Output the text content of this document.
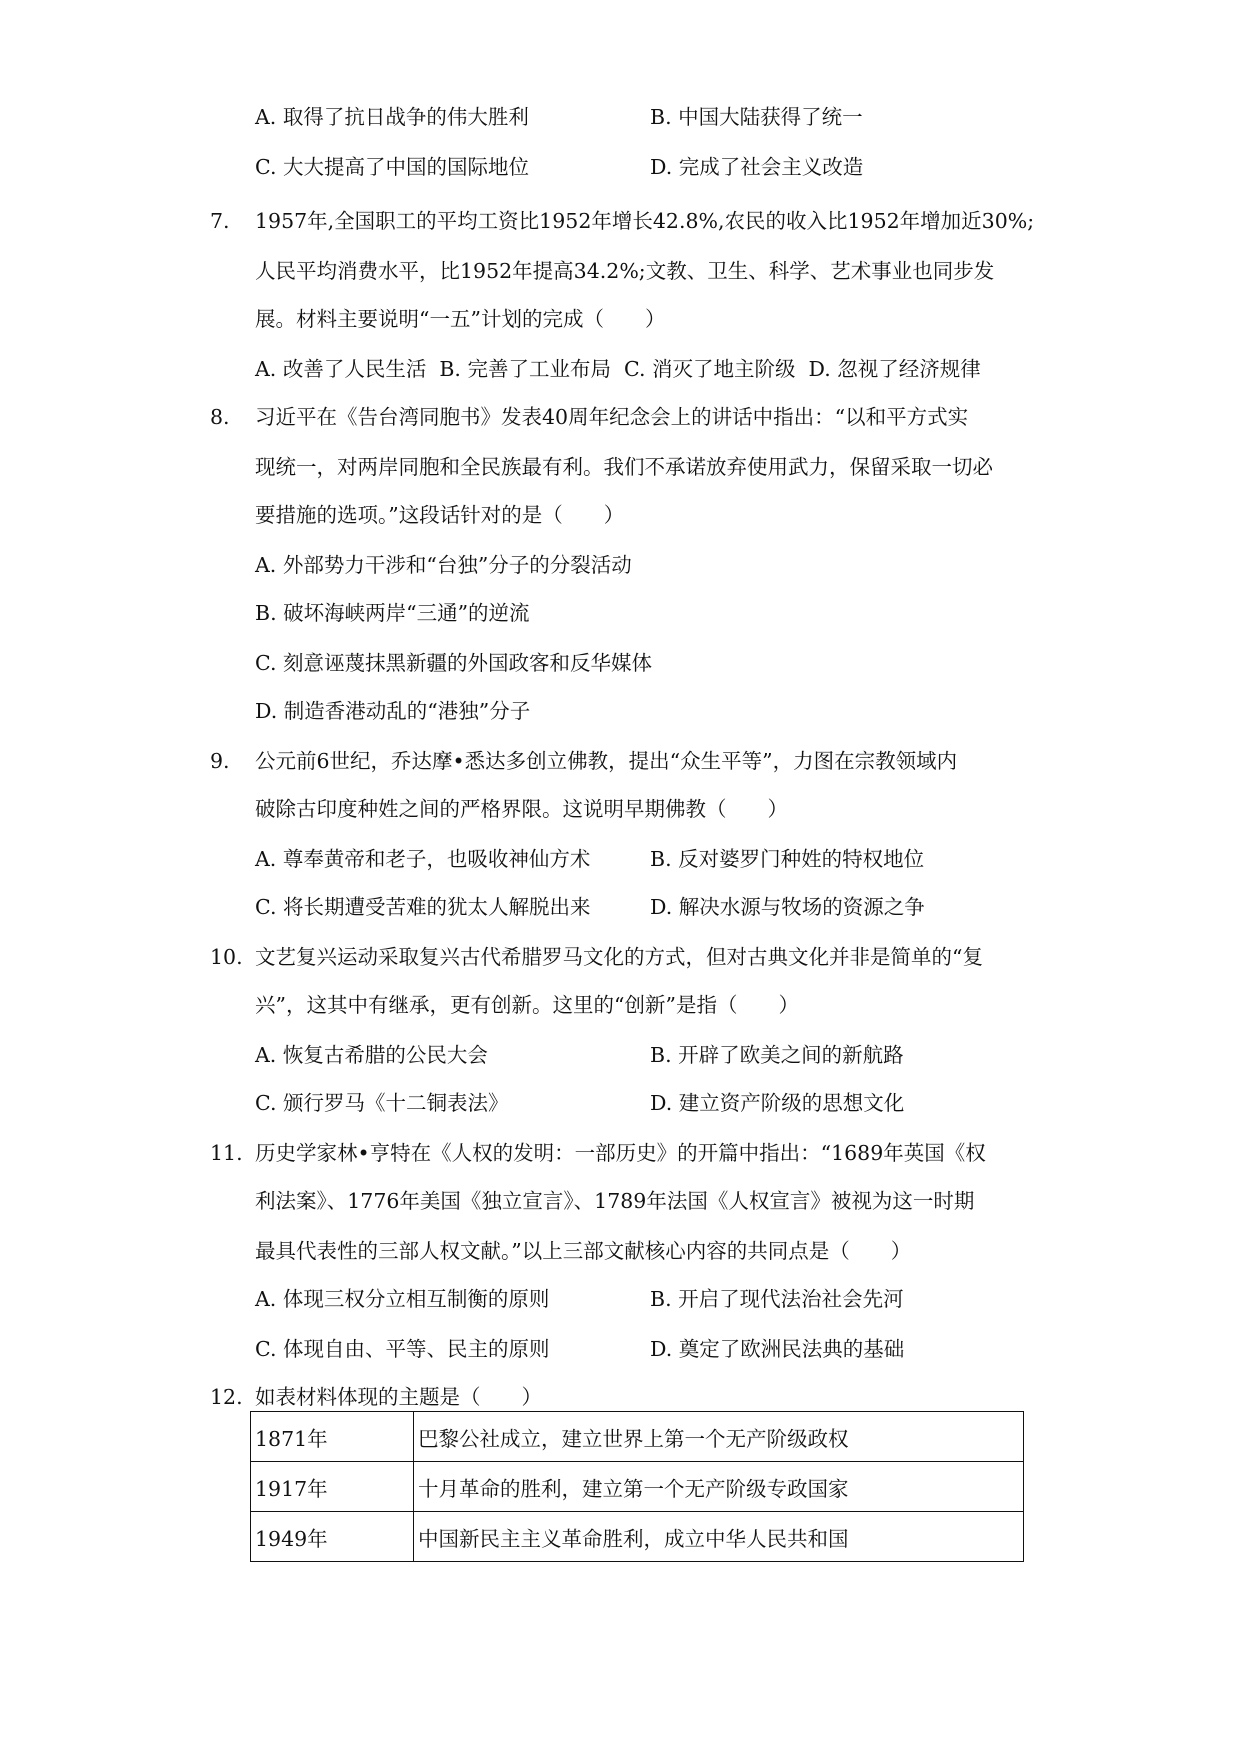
A. 取得了抗日战争的伟大胜利	B. 中国大陆获得了统一
C. 大大提高了中国的国际地位	D. 完成了社会主义改造
7. 1957年,全国职工的平均工资比1952年增长42.8%,农民的收入比1952年增加近30%;
人民平均消费水平，比1952年提高34.2%;文教、卫生、科学、艺术事业也同步发
展。材料主要说明“一五”计划的完成（　　）
A. 改善了人民生活  B. 完善了工业布局  C. 消灭了地主阶级  D. 忽视了经济规律
8. 习近平在《告台湾同胞书》发表40周年纪念会上的讲话中指出：“以和平方式实
现统一，对两岸同胞和全民族最有利。我们不承诺放弃使用武力，保留采取一切必
要措施的选项。”这段话针对的是（　　）
A. 外部势力干涉和“台独”分子的分裂活动
B. 破坏海峡两岸“三通”的逆流
C. 刻意诬蔑抹黑新疆的外国政客和反华媒体
D. 制造香港动乱的“港独”分子
9. 公元前6世纪，乔达摩•悉达多创立佛教，提出“众生平等”，力图在宗教领域内
破除古印度种姓之间的严格界限。这说明早期佛教（　　）
A. 尊奉黄帝和老子，也吸收神仙方术	B. 反对婆罗门种姓的特权地位
C. 将长期遭受苦难的犹太人解脱出来	D. 解决水源与牧场的资源之争
10. 文艺复兴运动采取复兴古代希腊罗马文化的方式，但对古典文化并非是简单的“复
兴”，这其中有继承，更有创新。这里的“创新”是指（　　）
A. 恢复古希腊的公民大会	B. 开辟了欧美之间的新航路
C. 颁行罗马《十二铜表法》	D. 建立资产阶级的思想文化
11. 历史学家林•亨特在《人权的发明：一部历史》的开篇中指出：“1689年英国《权
利法案》、1776年美国《独立宣言》、1789年法国《人权宣言》被视为这一时期
最具代表性的三部人权文献。”以上三部文献核心内容的共同点是（　　）
A. 体现三权分立相互制衡的原则	B. 开启了现代法治社会先河
C. 体现自由、平等、民主的原则	D. 奠定了欧洲民法典的基础
12. 如表材料体现的主题是（　　）
1871年	巴黎公社成立，建立世界上第一个无产阶级政权
1917年	十月革命的胜利，建立第一个无产阶级专政国家
1949年	中国新民主主义革命胜利，成立中华人民共和国
